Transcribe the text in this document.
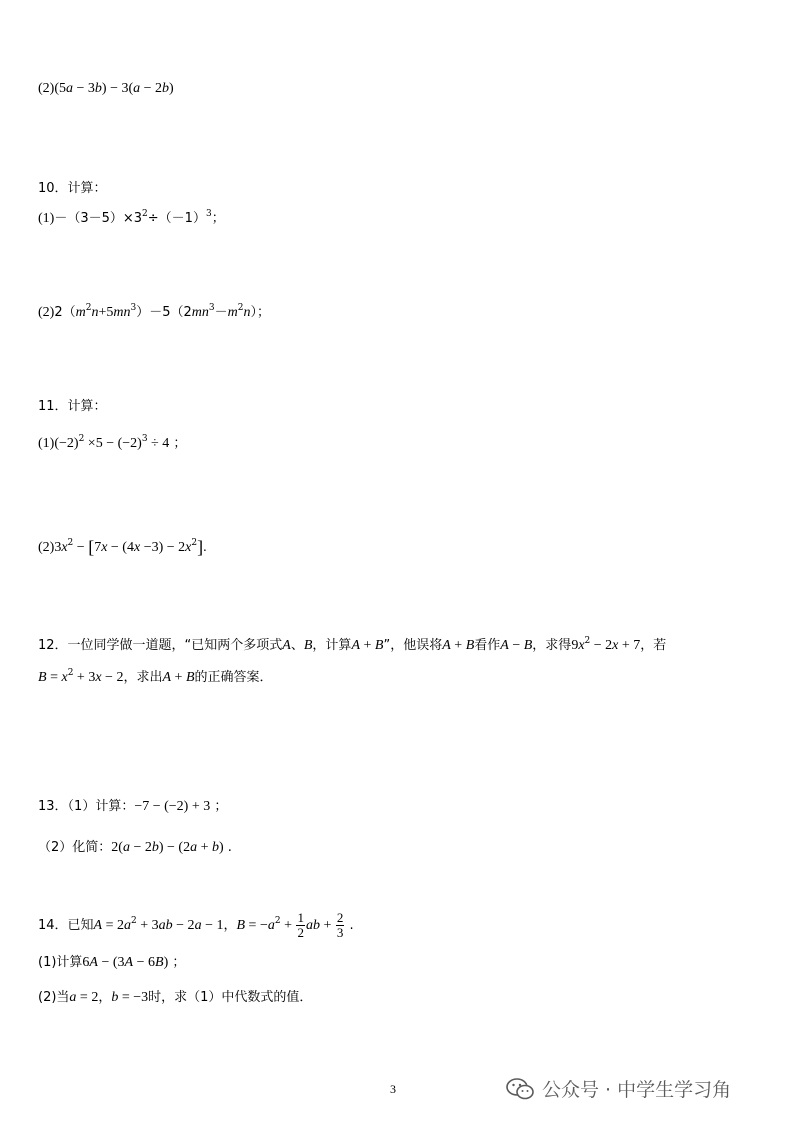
(2)(5a − 3b) − 3(a − 2b)
10．计算：
$(1)-(3-5)\times 3^2\div(-1)^3$；
$(2)2(m^2n+5mn^3)-5(2mn^3-m^2n)$；
11．计算：
$(1)(-2)^2 \times 5 - (-2)^3 \div 4$ ；
$(2)3x^2 - [7x - (4x -3) - 2x^2]$.
12．一位同学做一道题，“已知两个多项式A、B，计算A + B”，他误将A + B看作A − B，求得$9x^2 - 2x + 7$，若
$B = x^2 + 3x - 2$，求出A + B的正确答案．
13．（1）计算：−7 − (−2) + 3 ；
（2）化简：2(a − 2b) − (2a + b) .
14．已知$A = 2a^2 + 3ab - 2a - 1$，$B = -a^2 + \frac{1}{2}$ ab + $\frac{2}{3}$ .
(1)计算6A − (3A − 6B) ；
(2)当a = 2，b = −3时，求（1）中代数式的值．
3	公众号 · 中学生学习角
